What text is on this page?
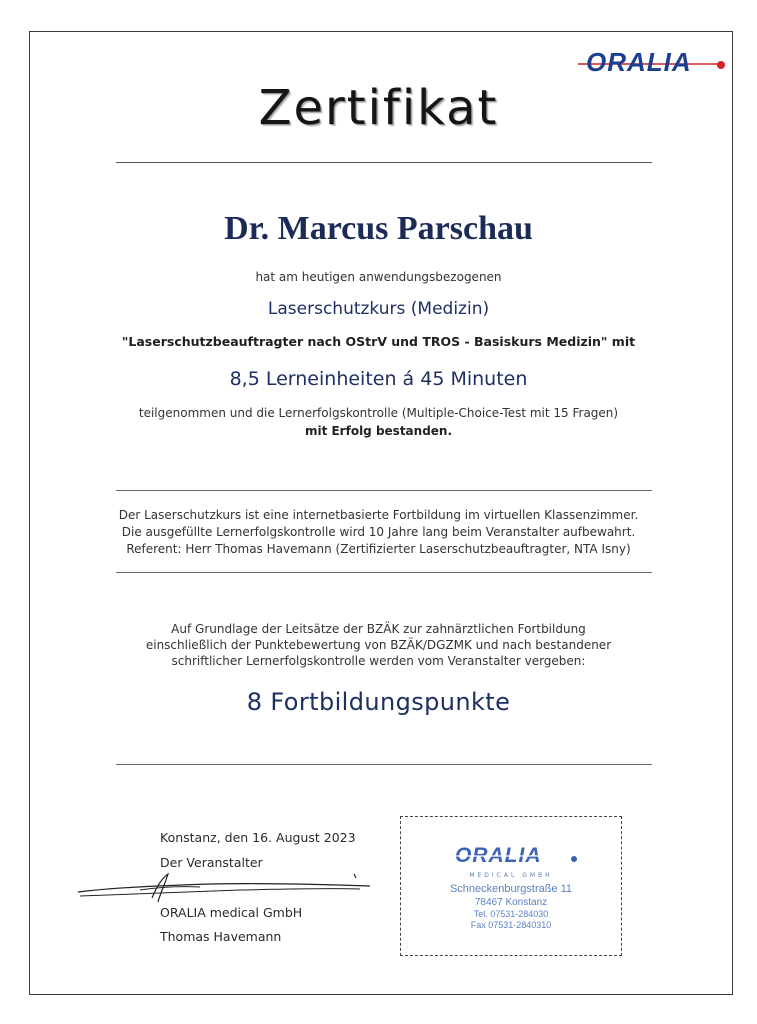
ORALIA
Zertifikat
Dr. Marcus Parschau
hat am heutigen anwendungsbezogenen
Laserschutzkurs (Medizin)
"Laserschutzbeauftragter nach OStrV und TROS - Basiskurs Medizin" mit
8,5 Lerneinheiten á 45 Minuten
teilgenommen und die Lernerfolgskontrolle (Multiple-Choice-Test mit 15 Fragen)
mit Erfolg bestanden.
Der Laserschutzkurs ist eine internetbasierte Fortbildung im virtuellen Klassenzimmer.
Die ausgefüllte Lernerfolgskontrolle wird 10 Jahre lang beim Veranstalter aufbewahrt.
Referent: Herr Thomas Havemann (Zertifizierter Laserschutzbeauftragter, NTA Isny)
Auf Grundlage der Leitsätze der BZÄK zur zahnärztlichen Fortbildung
einschließlich der Punktebewertung von BZÄK/DGZMK und nach bestandener
schriftlicher Lernerfolgskontrolle werden vom Veranstalter vergeben:
8 Fortbildungspunkte
Konstanz, den 16. August 2023
Der Veranstalter
ORALIA medical GmbH
Thomas Havemann
ORALIA
MEDICAL GMBH
Schneckenburgstraße 11
78467 Konstanz
Tel. 07531-284030
Fax 07531-2840310
